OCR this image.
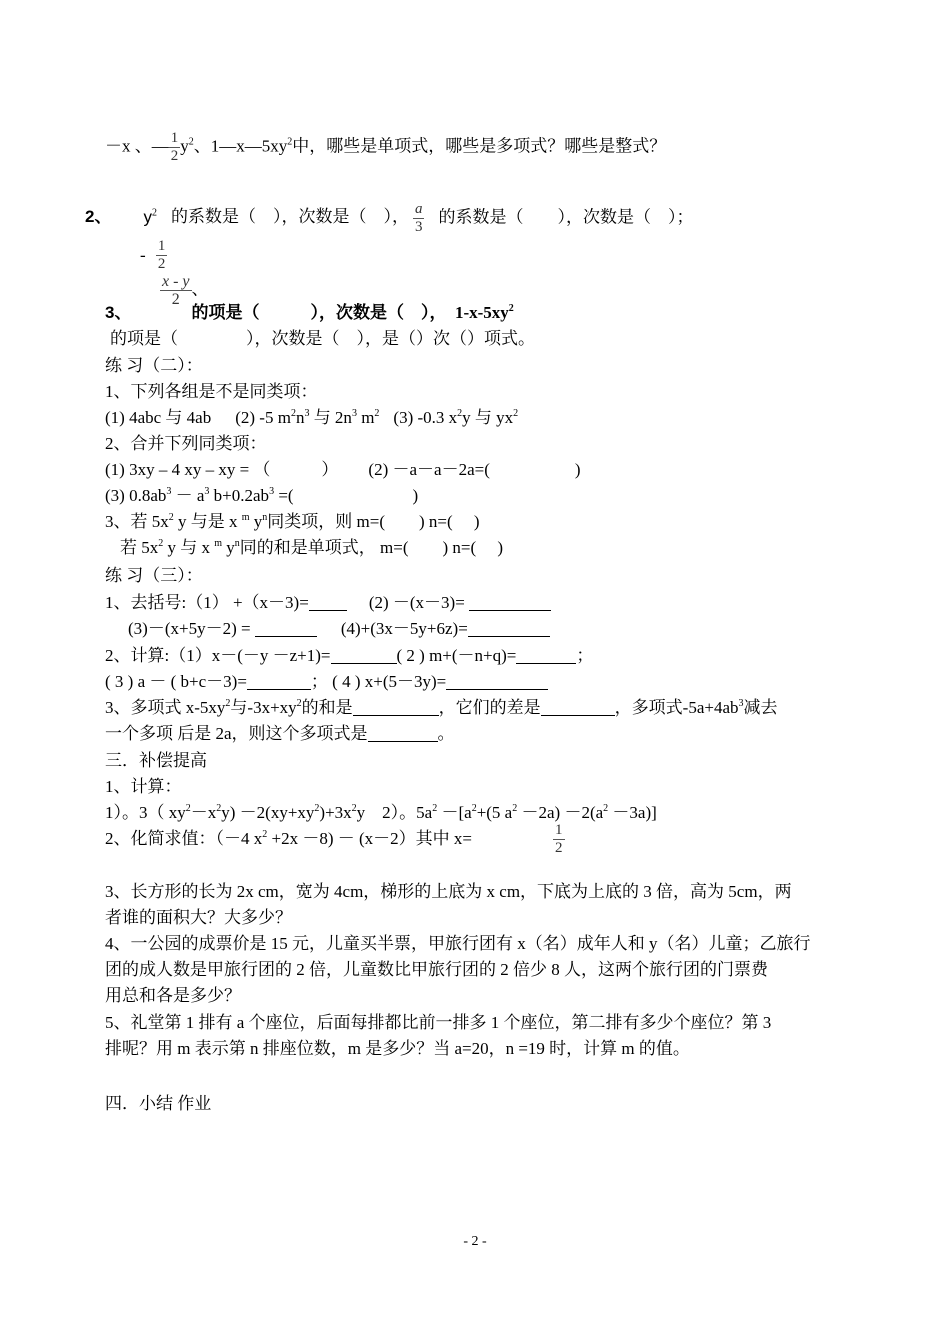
－x 、— $\frac{1}{2} y^2$、$1—x—5xy^2$中，哪些是单项式，哪些是多项式？哪些是整式？
2、 $y^2$ 的系数是（　），次数是（　）， $\frac{a}{3}$ 的系数是（　　），次数是（　）；
- $\frac{1}{2}$
$\frac{x - y}{2}$ 、
3、	的项是（　　　），次数是（　），　 $1-x-5xy^2$
的项是（　　　　），次数是（　），是（）次（）项式。
练 习（二）：
1、下列各组是不是同类项：
(1) 4abc 与 4ab (2) -5 $m^2n^3$ 与 $2n^3$ $m^2$ (3) -0.3 $x^2y$ 与 $yx^2$
2、合并下列同类项：
(1) 3xy – 4 xy – xy = （　　　） (2) －a－a－2a=(　　　　　)
(3) $0.8ab^3 - a^3$ $b+0.2ab^3$ =(　　　　　　　)
3、若 $5x^2$ y 与是 x $^m$ $y^n$同类项，则 m=(　　) n=(　 )
若 $5x^2$ y 与 x $^m$ $y^n$同的和是单项式， m=(　　) n=(　 )
练 习（三）：
1、去括号:（1） +（x－3)=	(2) －(x－3)=
(3)－(x+5y－2) =	(4)+(3x－5y+6z)=
2、计算:（1）x－(－y －z+1)=	( 2 ) m+(－n+q)=	；
( 3 ) a － ( b+c－3)=	； ( 4 ) x+(5－3y)=
3、多项式 $x-5xy^2$与$-3x+xy^2$的和是	，它们的差是	，多项式$-5a+4ab^3$减去
一个多项 后是 2a，则这个多项式是	。
三．补偿提高
1、计算：
1）。3（ $xy^2-x^2y) -2(xy+xy^2)+3x^2y$　2）。$5a^2 -[a^2+(5$ $a^2 -2a) -2(a^2 -3a)$]
2、化简求值：（－4 $x^2 +2x -8) - (x-2)$其中 x=	$\frac{1}{2}$
3、长方形的长为 2x cm，宽为 4cm，梯形的上底为 x cm，下底为上底的 3 倍，高为 5cm，两
者谁的面积大？大多少？
4、一公园的成票价是 15 元，儿童买半票，甲旅行团有 x（名）成年人和 y（名）儿童；乙旅行
团的成人数是甲旅行团的 2 倍，儿童数比甲旅行团的 2 倍少 8 人，这两个旅行团的门票费
用总和各是多少？
5、礼堂第 1 排有 a 个座位，后面每排都比前一排多 1 个座位，第二排有多少个座位？第 3
排呢？用 m 表示第 n 排座位数，m 是多少？当 a=20，n =19 时，计算 m 的值。
四．小结 作业
- 2 -
